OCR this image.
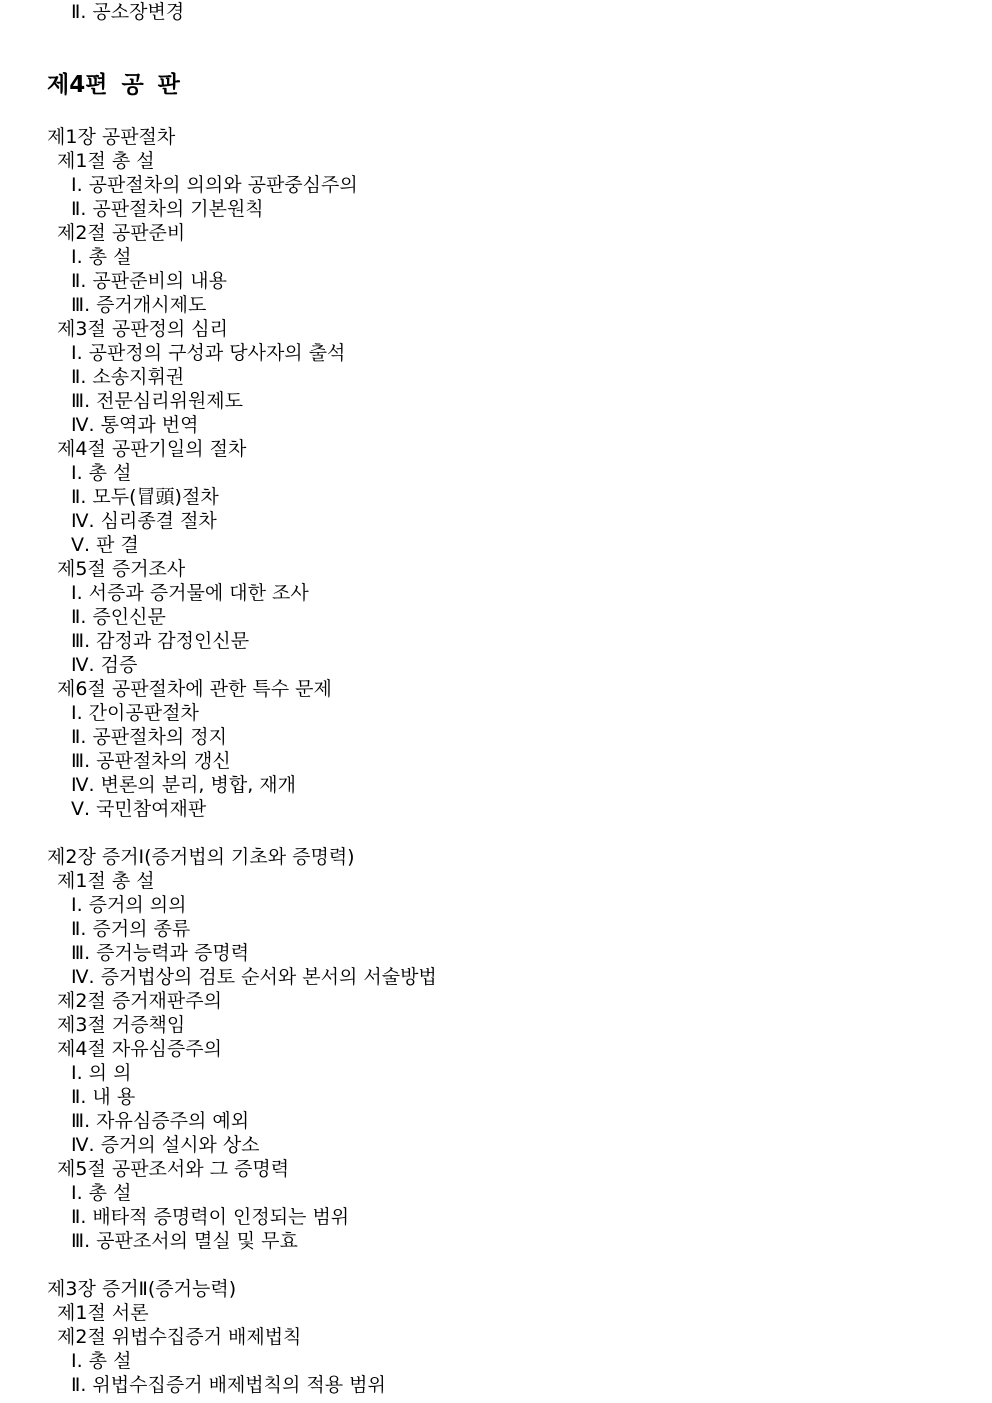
Ⅱ. 공소장변경
제4편 공 판
제1장 공판절차
제1절 총 설
Ⅰ. 공판절차의 의의와 공판중심주의
Ⅱ. 공판절차의 기본원칙
제2절 공판준비
Ⅰ. 총 설
Ⅱ. 공판준비의 내용
Ⅲ. 증거개시제도
제3절 공판정의 심리
Ⅰ. 공판정의 구성과 당사자의 출석
Ⅱ. 소송지휘권
Ⅲ. 전문심리위원제도
Ⅳ. 통역과 번역
제4절 공판기일의 절차
Ⅰ. 총 설
Ⅱ. 모두(冒頭)절차
Ⅳ. 심리종결 절차
Ⅴ. 판 결
제5절 증거조사
Ⅰ. 서증과 증거물에 대한 조사
Ⅱ. 증인신문
Ⅲ. 감정과 감정인신문
Ⅳ. 검증
제6절 공판절차에 관한 특수 문제
Ⅰ. 간이공판절차
Ⅱ. 공판절차의 정지
Ⅲ. 공판절차의 갱신
Ⅳ. 변론의 분리, 병합, 재개
Ⅴ. 국민참여재판
제2장 증거Ⅰ(증거법의 기초와 증명력)
제1절 총 설
Ⅰ. 증거의 의의
Ⅱ. 증거의 종류
Ⅲ. 증거능력과 증명력
Ⅳ. 증거법상의 검토 순서와 본서의 서술방법
제2절 증거재판주의
제3절 거증책임
제4절 자유심증주의
Ⅰ. 의 의
Ⅱ. 내 용
Ⅲ. 자유심증주의 예외
Ⅳ. 증거의 설시와 상소
제5절 공판조서와 그 증명력
Ⅰ. 총 설
Ⅱ. 배타적 증명력이 인정되는 범위
Ⅲ. 공판조서의 멸실 및 무효
제3장 증거Ⅱ(증거능력)
제1절 서론
제2절 위법수집증거 배제법칙
Ⅰ. 총 설
Ⅱ. 위법수집증거 배제법칙의 적용 범위
